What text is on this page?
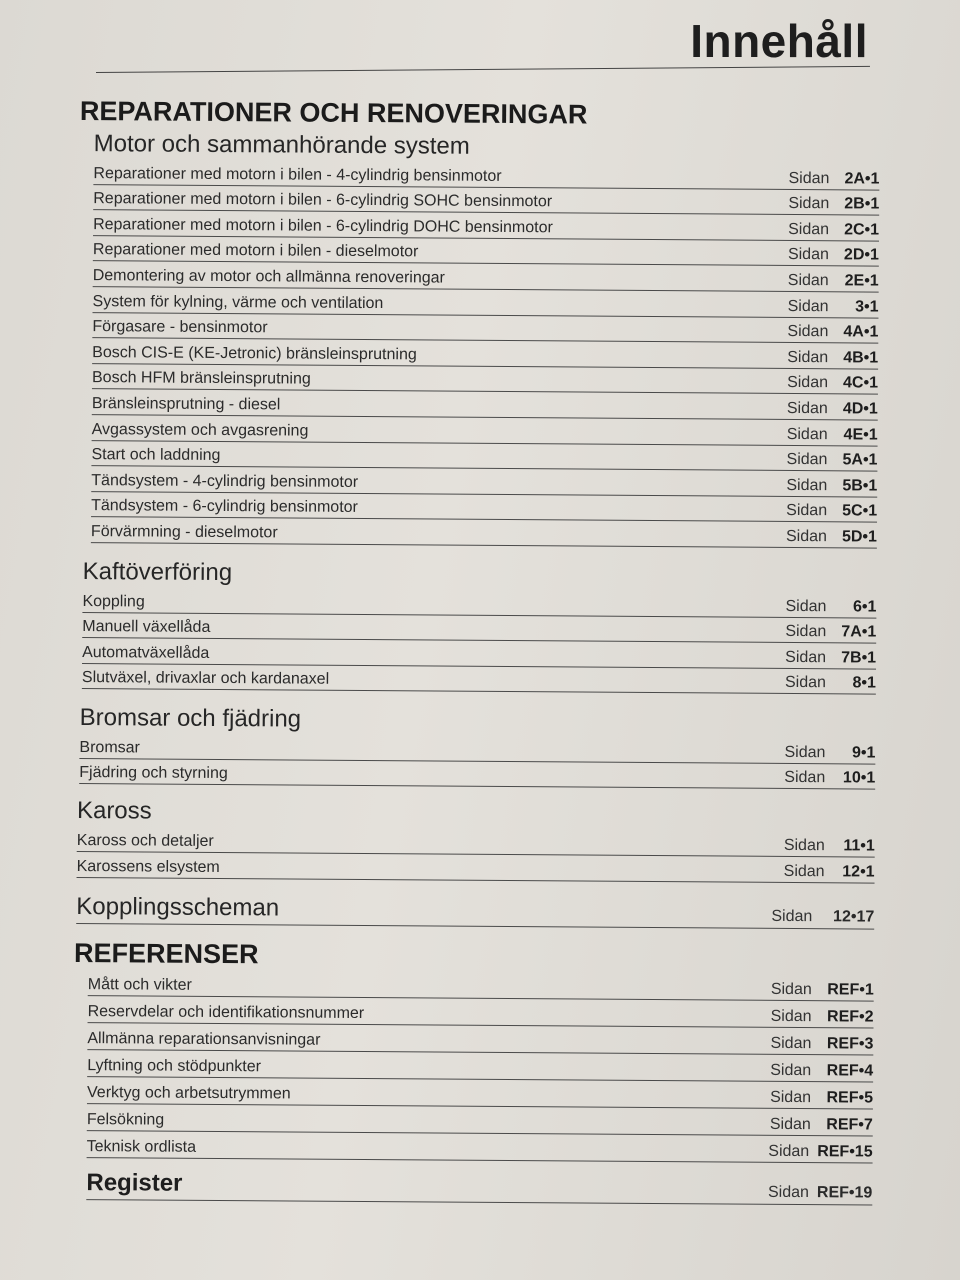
Innehåll
REPARATIONER OCH RENOVERINGAR
Motor och sammanhörande system
Reparationer med motorn i bilen - 4-cylindrig bensinmotor	Sidan 2A•1
Reparationer med motorn i bilen - 6-cylindrig SOHC bensinmotor	Sidan 2B•1
Reparationer med motorn i bilen - 6-cylindrig DOHC bensinmotor	Sidan 2C•1
Reparationer med motorn i bilen - dieselmotor	Sidan 2D•1
Demontering av motor och allmänna renoveringar	Sidan 2E•1
System för kylning, värme och ventilation	Sidan	3•1
Förgasare - bensinmotor	Sidan 4A•1
Bosch CIS-E (KE-Jetronic) bränsleinsprutning	Sidan 4B•1
Bosch HFM bränsleinsprutning	Sidan 4C•1
Bränsleinsprutning - diesel	Sidan 4D•1
Avgassystem och avgasrening	Sidan 4E•1
Start och laddning	Sidan 5A•1
Tändsystem - 4-cylindrig bensinmotor	Sidan 5B•1
Tändsystem - 6-cylindrig bensinmotor	Sidan 5C•1
Förvärmning - dieselmotor	Sidan 5D•1
Kaftöverföring
Koppling	Sidan	6•1
Manuell växellåda	Sidan 7A•1
Automatväxellåda	Sidan 7B•1
Slutväxel, drivaxlar och kardanaxel	Sidan	8•1
Bromsar och fjädring
Bromsar	Sidan	9•1
Fjädring och styrning	Sidan	10•1
Kaross
Kaross och detaljer	Sidan	11•1
Karossens elsystem	Sidan	12•1
Kopplingsscheman	Sidan	12•17
REFERENSER
Mått och vikter	Sidan REF•1
Reservdelar och identifikationsnummer	Sidan REF•2
Allmänna reparationsanvisningar	Sidan REF•3
Lyftning och stödpunkter	Sidan REF•4
Verktyg och arbetsutrymmen	Sidan REF•5
Felsökning	Sidan REF•7
Teknisk ordlista	Sidan REF•15
Register	Sidan REF•19
